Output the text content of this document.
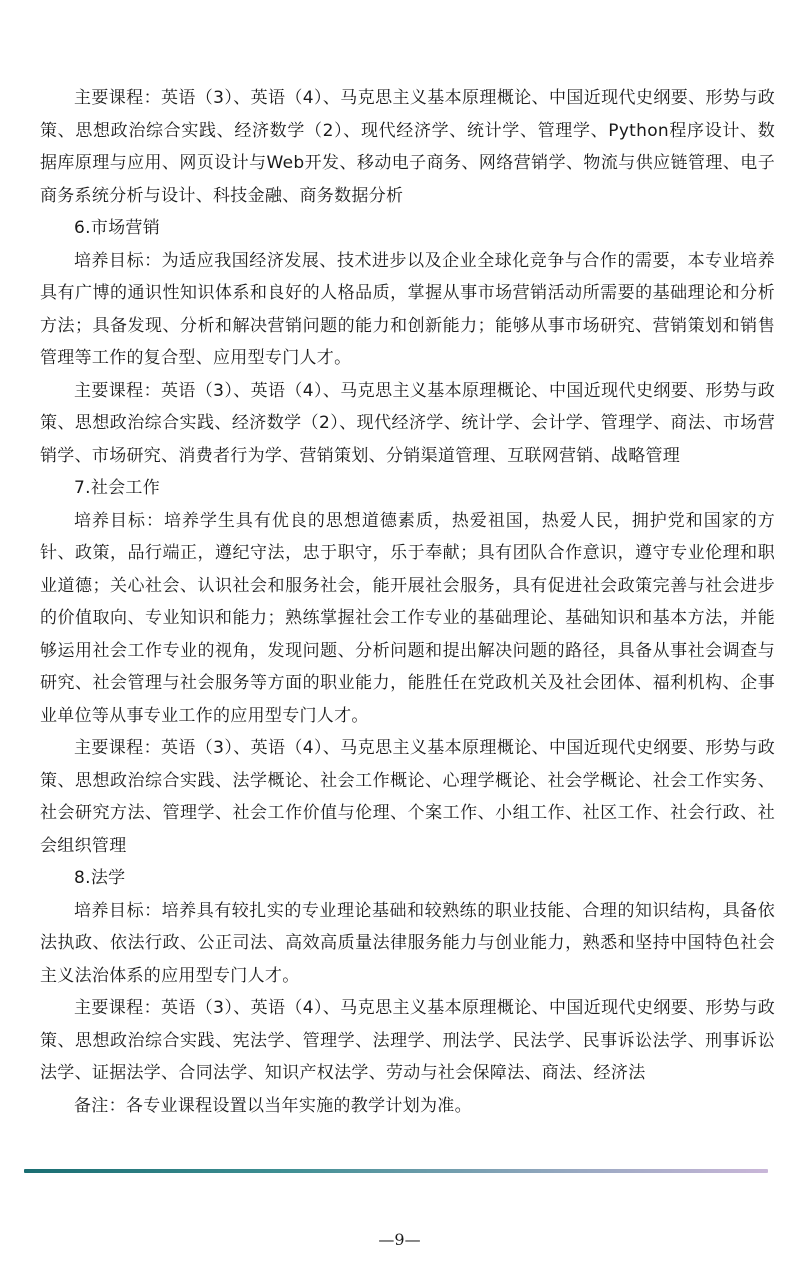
主要课程：英语（3）、英语（4）、马克思主义基本原理概论、中国近现代史纲要、形势与政策、思想政治综合实践、经济数学（2）、现代经济学、统计学、管理学、Python程序设计、数据库原理与应用、网页设计与Web开发、移动电子商务、网络营销学、物流与供应链管理、电子商务系统分析与设计、科技金融、商务数据分析

6.市场营销

培养目标：为适应我国经济发展、技术进步以及企业全球化竞争与合作的需要，本专业培养具有广博的通识性知识体系和良好的人格品质，掌握从事市场营销活动所需要的基础理论和分析方法；具备发现、分析和解决营销问题的能力和创新能力；能够从事市场研究、营销策划和销售管理等工作的复合型、应用型专门人才。

主要课程：英语（3）、英语（4）、马克思主义基本原理概论、中国近现代史纲要、形势与政策、思想政治综合实践、经济数学（2）、现代经济学、统计学、会计学、管理学、商法、市场营销学、市场研究、消费者行为学、营销策划、分销渠道管理、互联网营销、战略管理

7.社会工作

培养目标：培养学生具有优良的思想道德素质，热爱祖国，热爱人民，拥护党和国家的方针、政策，品行端正，遵纪守法，忠于职守，乐于奉献；具有团队合作意识，遵守专业伦理和职业道德；关心社会、认识社会和服务社会，能开展社会服务，具有促进社会政策完善与社会进步的价值取向、专业知识和能力；熟练掌握社会工作专业的基础理论、基础知识和基本方法，并能够运用社会工作专业的视角，发现问题、分析问题和提出解决问题的路径，具备从事社会调查与研究、社会管理与社会服务等方面的职业能力，能胜任在党政机关及社会团体、福利机构、企事业单位等从事专业工作的应用型专门人才。

主要课程：英语（3）、英语（4）、马克思主义基本原理概论、中国近现代史纲要、形势与政策、思想政治综合实践、法学概论、社会工作概论、心理学概论、社会学概论、社会工作实务、社会研究方法、管理学、社会工作价值与伦理、个案工作、小组工作、社区工作、社会行政、社会组织管理

8.法学

培养目标：培养具有较扎实的专业理论基础和较熟练的职业技能、合理的知识结构，具备依法执政、依法行政、公正司法、高效高质量法律服务能力与创业能力，熟悉和坚持中国特色社会主义法治体系的应用型专门人才。

主要课程：英语（3）、英语（4）、马克思主义基本原理概论、中国近现代史纲要、形势与政策、思想政治综合实践、宪法学、管理学、法理学、刑法学、民法学、民事诉讼法学、刑事诉讼法学、证据法学、合同法学、知识产权法学、劳动与社会保障法、商法、经济法

备注：各专业课程设置以当年实施的教学计划为准。

—9—
